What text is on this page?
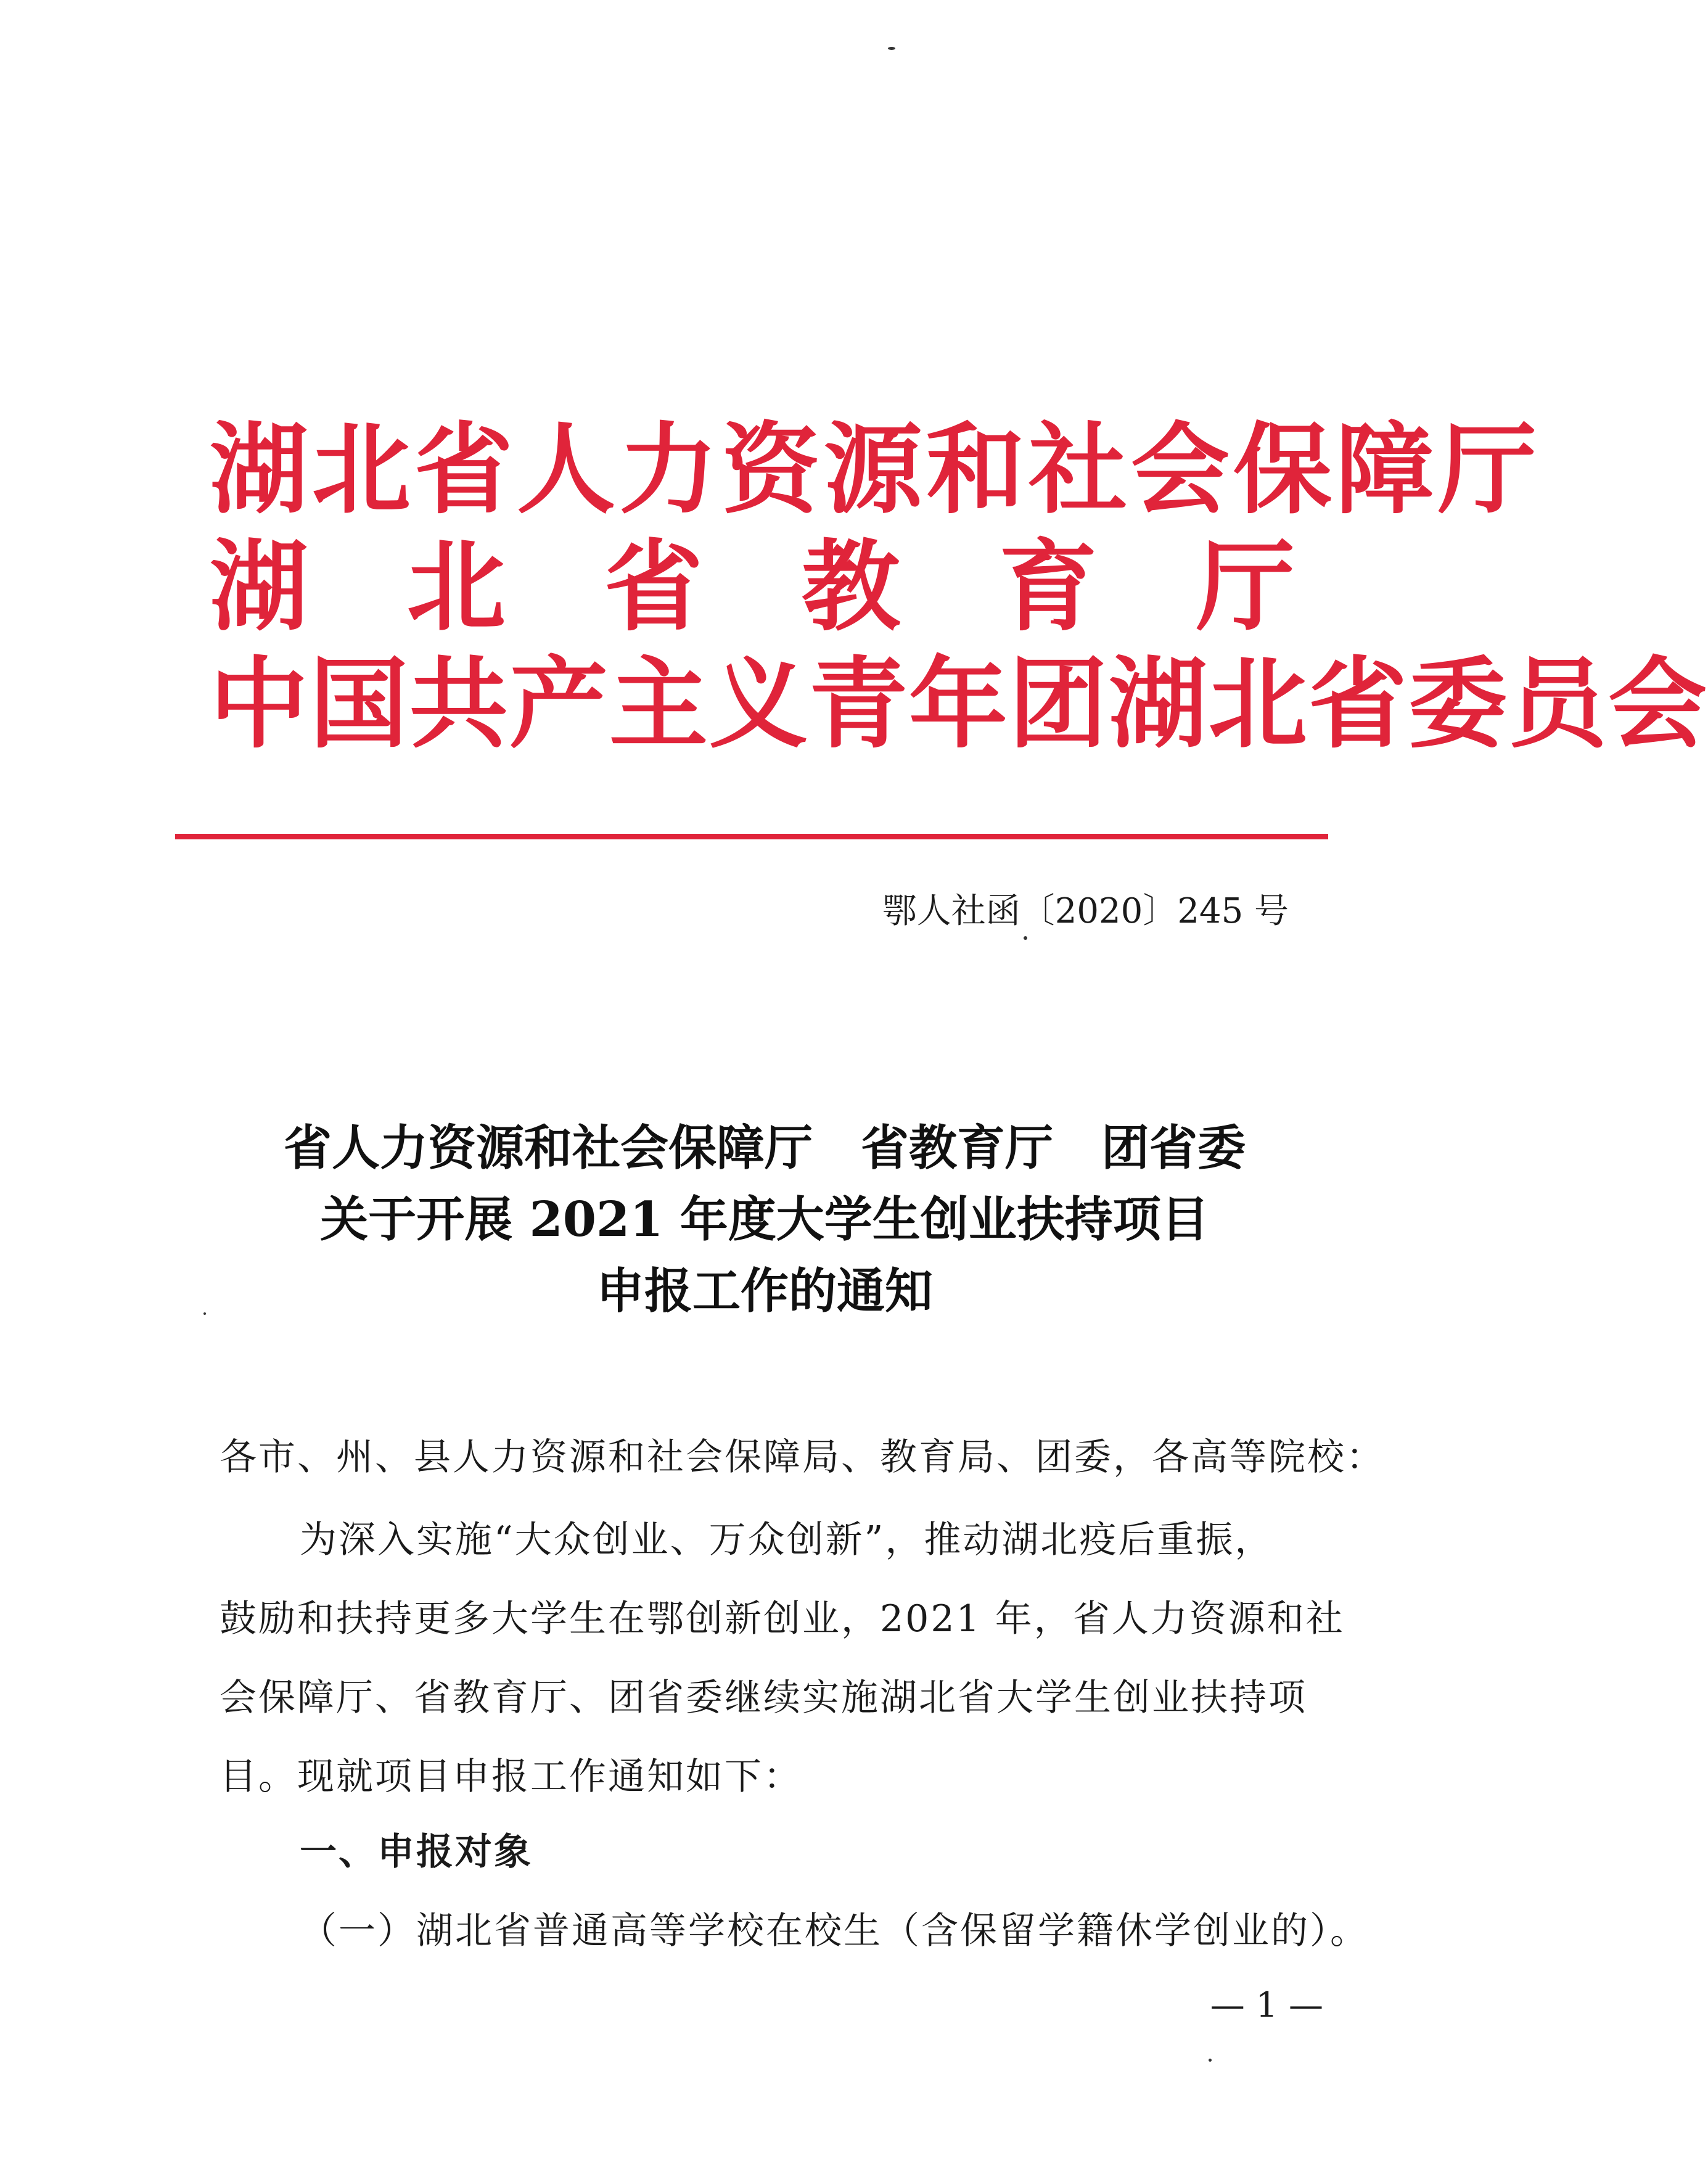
湖北省人力资源和社会保障厅
湖 北 省 教 育 厅
中国共产主义青年团湖北省委员会
鄂人社函〔2020〕245 号
省人力资源和社会保障厅　省教育厅　团省委
关于开展 2021 年度大学生创业扶持项目
申报工作的通知
各市、州、县人力资源和社会保障局、教育局、团委，各高等院校：
为深入实施“大众创业、万众创新”，推动湖北疫后重振，
鼓励和扶持更多大学生在鄂创新创业，2021 年，省人力资源和社
会保障厅、省教育厅、团省委继续实施湖北省大学生创业扶持项
目。现就项目申报工作通知如下：
一、申报对象
（一）湖北省普通高等学校在校生（含保留学籍休学创业的）。
— 1 —
